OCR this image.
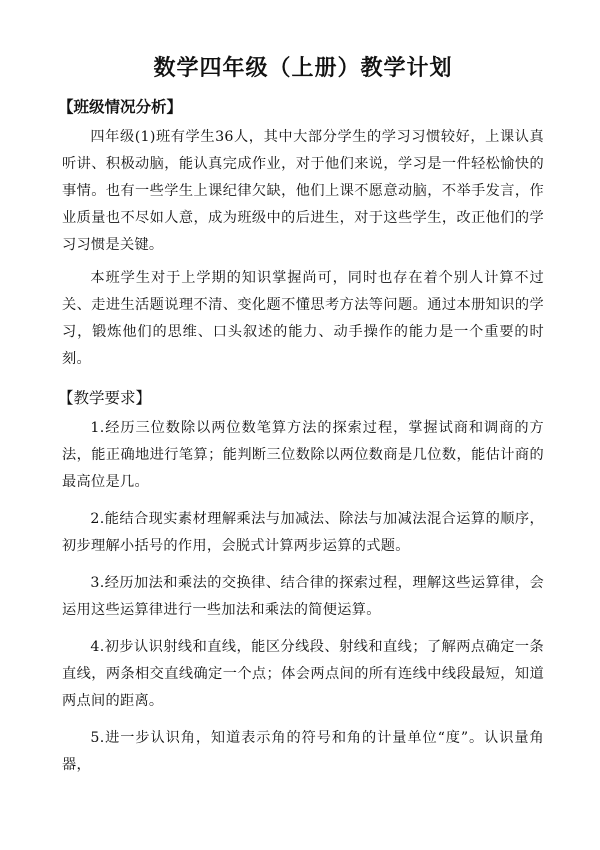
数学四年级（上册）教学计划
【班级情况分析】

四年级(1)班有学生36人，其中大部分学生的学习习惯较好，上课认真听讲、积极动脑，能认真完成作业，对于他们来说，学习是一件轻松愉快的事情。也有一些学生上课纪律欠缺，他们上课不愿意动脑，不举手发言，作业质量也不尽如人意，成为班级中的后进生，对于这些学生，改正他们的学习习惯是关键。

本班学生对于上学期的知识掌握尚可，同时也存在着个别人计算不过关、走进生活题说理不清、变化题不懂思考方法等问题。通过本册知识的学习，锻炼他们的思维、口头叙述的能力、动手操作的能力是一个重要的时刻。

【教学要求】

1.经历三位数除以两位数笔算方法的探索过程，掌握试商和调商的方法，能正确地进行笔算；能判断三位数除以两位数商是几位数，能估计商的最高位是几。

2.能结合现实素材理解乘法与加减法、除法与加减法混合运算的顺序，初步理解小括号的作用，会脱式计算两步运算的式题。

3.经历加法和乘法的交换律、结合律的探索过程，理解这些运算律，会运用这些运算律进行一些加法和乘法的简便运算。

4.初步认识射线和直线，能区分线段、射线和直线；了解两点确定一条直线，两条相交直线确定一个点；体会两点间的所有连线中线段最短，知道两点间的距离。

5.进一步认识角，知道表示角的符号和角的计量单位“度”。认识量角器，
